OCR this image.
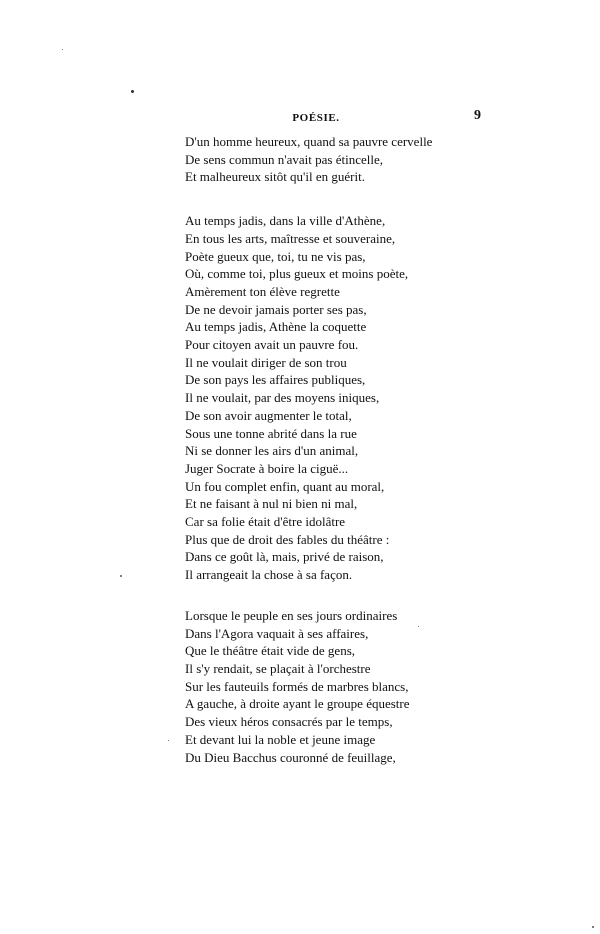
POÉSIE.	9
D'un homme heureux, quand sa pauvre cervelle
De sens commun n'avait pas étincelle,
Et malheureux sitôt qu'il en guérit.
Au temps jadis, dans la ville d'Athène,
En tous les arts, maîtresse et souveraine,
Poète gueux que, toi, tu ne vis pas,
Où, comme toi, plus gueux et moins poète,
Amèrement ton élève regrette
De ne devoir jamais porter ses pas,
Au temps jadis, Athène la coquette
Pour citoyen avait un pauvre fou.
Il ne voulait diriger de son trou
De son pays les affaires publiques,
Il ne voulait, par des moyens iniques,
De son avoir augmenter le total,
Sous une tonne abrité dans la rue
Ni se donner les airs d'un animal,
Juger Socrate à boire la ciguë...
Un fou complet enfin, quant au moral,
Et ne faisant à nul ni bien ni mal,
Car sa folie était d'être idolâtre
Plus que de droit des fables du théâtre :
Dans ce goût là, mais, privé de raison,
Il arrangeait la chose à sa façon.
Lorsque le peuple en ses jours ordinaires
Dans l'Agora vaquait à ses affaires,
Que le théâtre était vide de gens,
Il s'y rendait, se plaçait à l'orchestre
Sur les fauteuils formés de marbres blancs,
A gauche, à droite ayant le groupe équestre
Des vieux héros consacrés par le temps,
Et devant lui la noble et jeune image
Du Dieu Bacchus couronné de feuillage,
